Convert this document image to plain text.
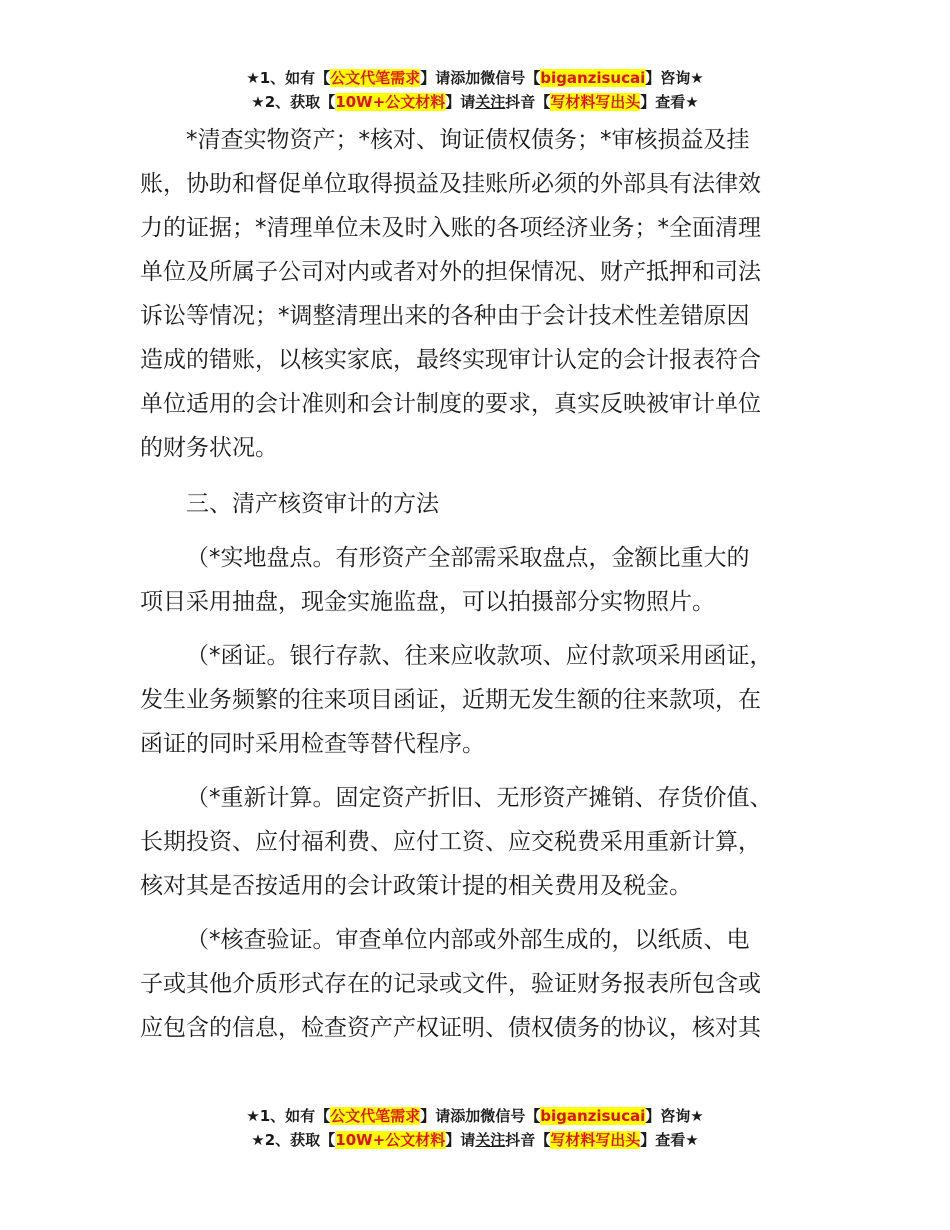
★1、如有【公文代笔需求】请添加微信号【biganzisucai】咨询★
★2、获取【10W+公文材料】请关注抖音【写材料写出头】查看★
*清查实物资产；*核对、询证债权债务；*审核损益及挂
账，协助和督促单位取得损益及挂账所必须的外部具有法律效
力的证据；*清理单位未及时入账的各项经济业务；*全面清理
单位及所属子公司对内或者对外的担保情况、财产抵押和司法
诉讼等情况；*调整清理出来的各种由于会计技术性差错原因
造成的错账，以核实家底，最终实现审计认定的会计报表符合
单位适用的会计准则和会计制度的要求，真实反映被审计单位
的财务状况。
三、清产核资审计的方法
（*实地盘点。有形资产全部需采取盘点，金额比重大的
项目采用抽盘，现金实施监盘，可以拍摄部分实物照片。
（*函证。银行存款、往来应收款项、应付款项采用函证，
发生业务频繁的往来项目函证，近期无发生额的往来款项，在
函证的同时采用检查等替代程序。
（*重新计算。固定资产折旧、无形资产摊销、存货价值、
长期投资、应付福利费、应付工资、应交税费采用重新计算，
核对其是否按适用的会计政策计提的相关费用及税金。
（*核查验证。审查单位内部或外部生成的，以纸质、电
子或其他介质形式存在的记录或文件，验证财务报表所包含或
应包含的信息，检查资产产权证明、债权债务的协议，核对其
★1、如有【公文代笔需求】请添加微信号【biganzisucai】咨询★
★2、获取【10W+公文材料】请关注抖音【写材料写出头】查看★
